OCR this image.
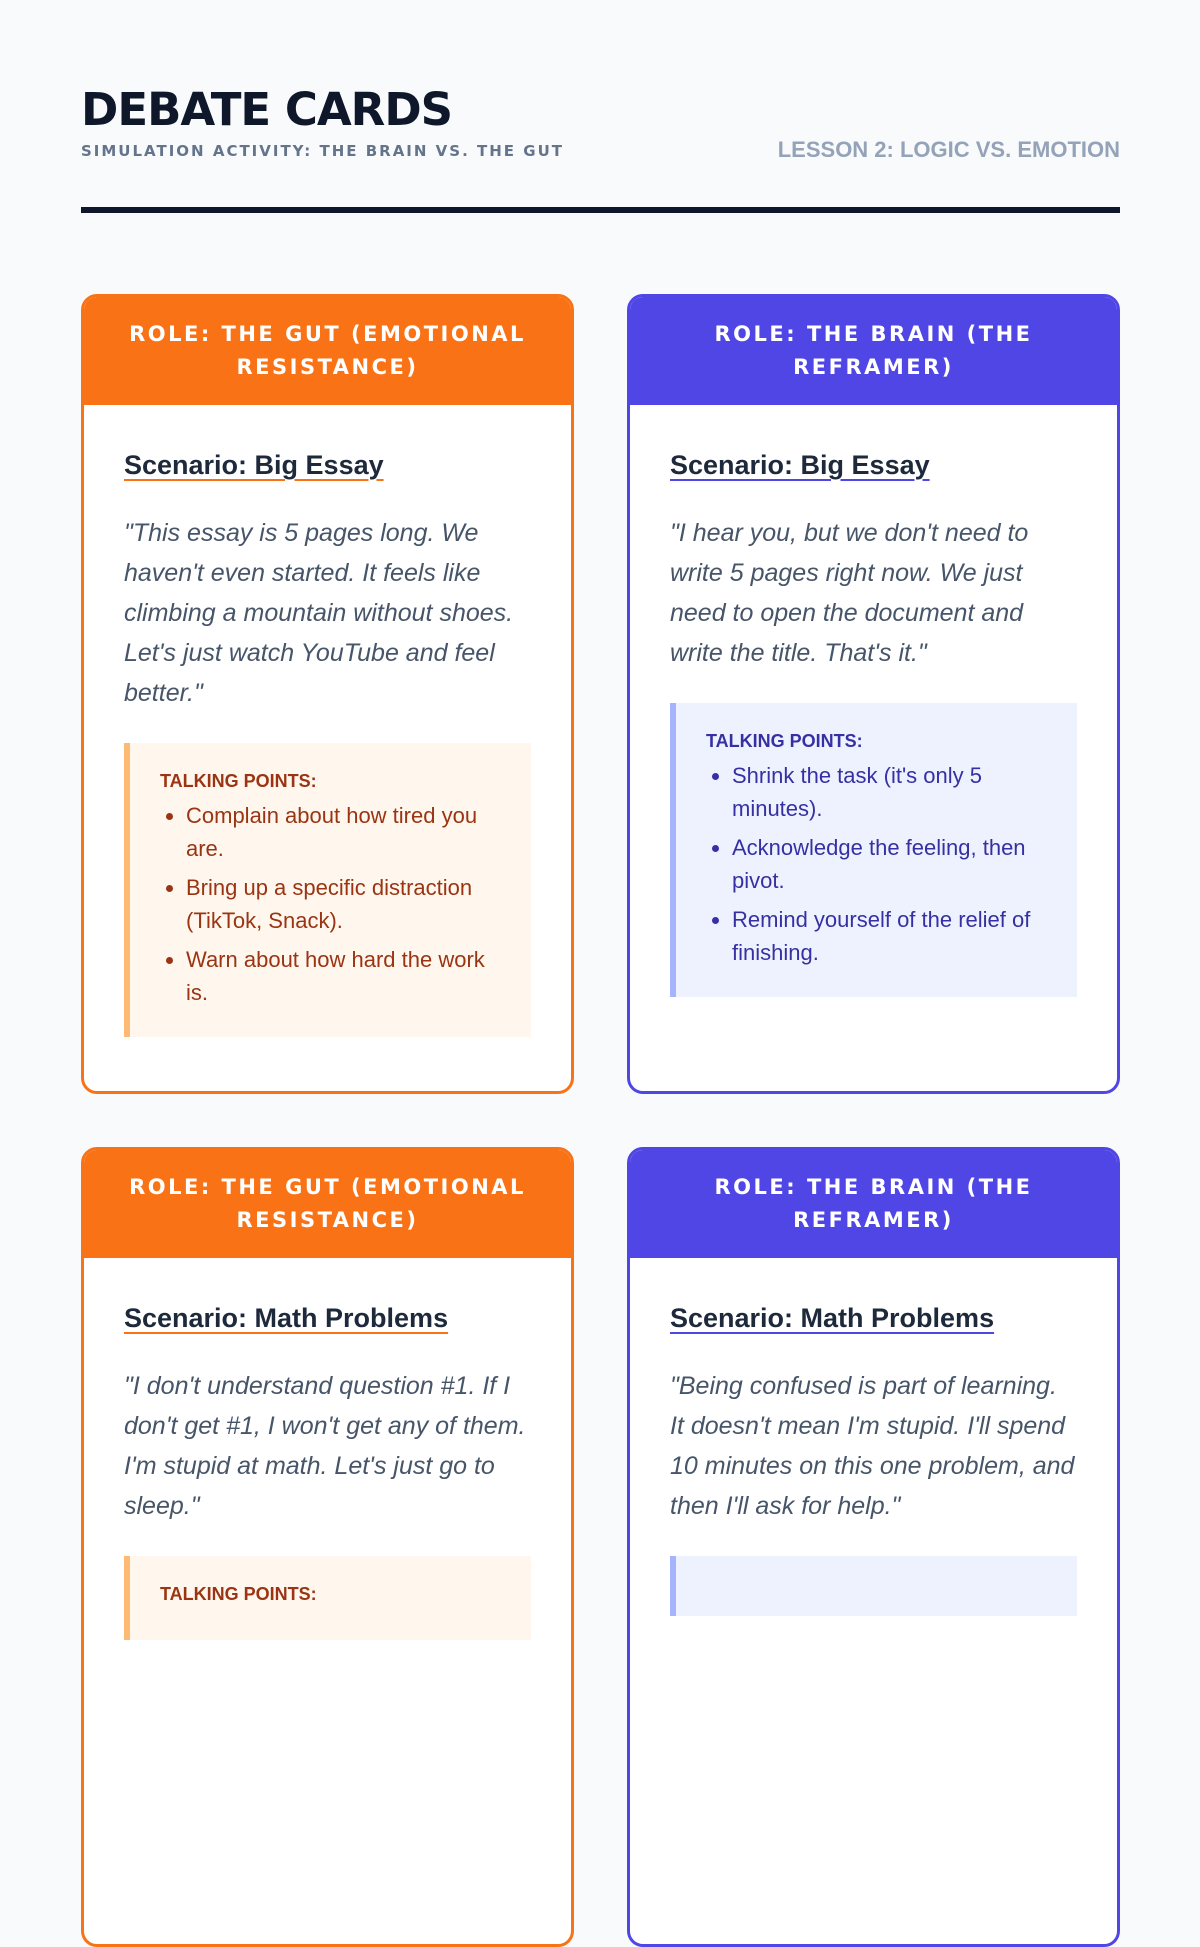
DEBATE CARDS
SIMULATION ACTIVITY: THE BRAIN VS. THE GUT	LESSON 2: LOGIC VS. EMOTION
ROLE: THE GUT (EMOTIONAL RESISTANCE)
Scenario: Big Essay

"This essay is 5 pages long. We haven't even started. It feels like climbing a mountain without shoes. Let's just watch YouTube and feel better."

TALKING POINTS:
• Complain about how tired you are.
• Bring up a specific distraction (TikTok, Snack).
• Warn about how hard the work is.
ROLE: THE BRAIN (THE REFRAMER)
Scenario: Big Essay

"I hear you, but we don't need to write 5 pages right now. We just need to open the document and write the title. That's it."

TALKING POINTS:
• Shrink the task (it's only 5 minutes).
• Acknowledge the feeling, then pivot.
• Remind yourself of the relief of finishing.
ROLE: THE GUT (EMOTIONAL RESISTANCE)
Scenario: Math Problems

"I don't understand question #1. If I don't get #1, I won't get any of them. I'm stupid at math. Let's just go to sleep."

TALKING POINTS:
ROLE: THE BRAIN (THE REFRAMER)
Scenario: Math Problems

"Being confused is part of learning. It doesn't mean I'm stupid. I'll spend 10 minutes on this one problem, and then I'll ask for help."
